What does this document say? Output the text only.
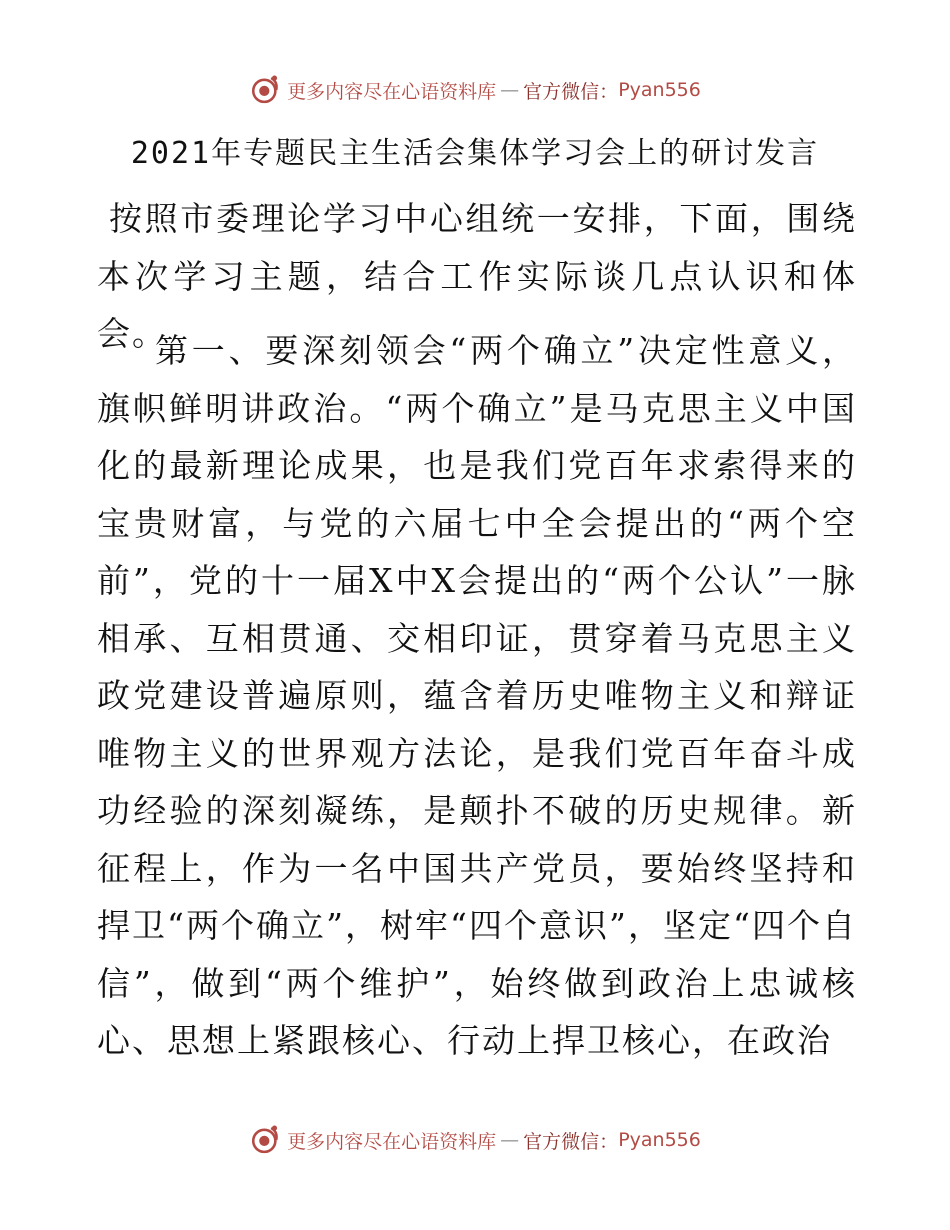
更多内容尽在心语资料库 — 官方微信： Pyan556
2021年专题民主生活会集体学习会上的研讨发言

按照市委理论学习中心组统一安排，下面，围绕本次学习主题，结合工作实际谈几点认识和体会。

第一、要深刻领会“两个确立”决定性意义，旗帜鲜明讲政治。“两个确立”是马克思主义中国化的最新理论成果，也是我们党百年求索得来的宝贵财富，与党的六届七中全会提出的“两个空前”，党的十一届X中X会提出的“两个公认”一脉相承、互相贯通、交相印证，贯穿着马克思主义政党建设普遍原则，蕴含着历史唯物主义和辩证唯物主义的世界观方法论，是我们党百年奋斗成功经验的深刻凝练，是颠扑不破的历史规律。新征程上，作为一名中国共产党员，要始终坚持和捍卫“两个确立”，树牢“四个意识”，坚定“四个自信”，做到“两个维护”，始终做到政治上忠诚核心、思想上紧跟核心、行动上捍卫核心，在政治

更多内容尽在心语资料库 — 官方微信： Pyan556
